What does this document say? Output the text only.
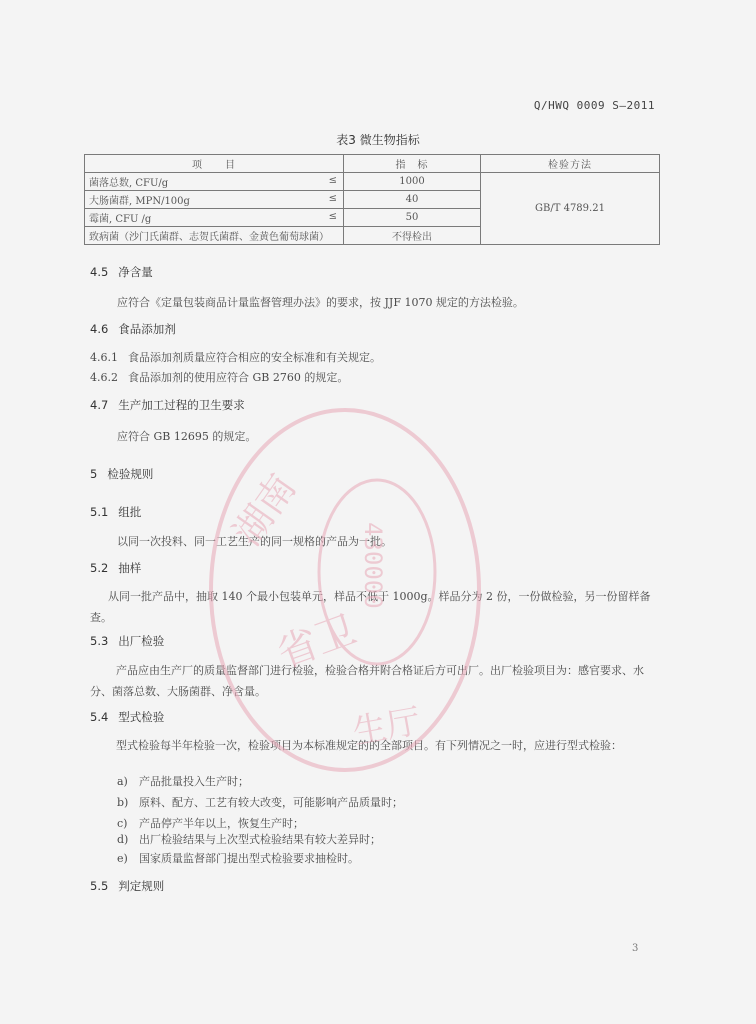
Q/HWQ 0009 S—2011
表3 微生物指标
项　　目	指　标	检验方法
菌落总数, CFU/g ≤	1000	GB/T 4789.21
大肠菌群, MPN/100g ≤	40	
霉菌, CFU /g ≤	50	
致病菌（沙门氏菌群、志贺氏菌群、金黄色葡萄球菌）	不得检出	
4.5 净含量
应符合《定量包装商品计量监督管理办法》的要求，按 JJF 1070 规定的方法检验。
4.6 食品添加剂
4.6.1 食品添加剂质量应符合相应的安全标准和有关规定。
4.6.2 食品添加剂的使用应符合 GB 2760 的规定。
4.7 生产加工过程的卫生要求
应符合 GB 12695 的规定。
5 检验规则
5.1 组批
以同一次投料、同一工艺生产的同一规格的产品为一批。
5.2 抽样
从同一批产品中，抽取 140 个最小包装单元，样品不低于 1000g。样品分为 2 份，一份做检验，另一份留样备查。
5.3 出厂检验
产品应由生产厂的质量监督部门进行检验，检验合格并附合格证后方可出厂。出厂检验项目为：感官要求、水分、菌落总数、大肠菌群、净含量。
5.4 型式检验
型式检验每半年检验一次，检验项目为本标准规定的的全部项目。有下列情况之一时，应进行型式检验：
a) 产品批量投入生产时；
b) 原料、配方、工艺有较大改变，可能影响产品质量时；
c) 产品停产半年以上，恢复生产时；
d) 出厂检验结果与上次型式检验结果有较大差异时；
e) 国家质量监督部门提出型式检验要求抽检时。
5.5 判定规则
3
湖南
省卫
生厅
430000
